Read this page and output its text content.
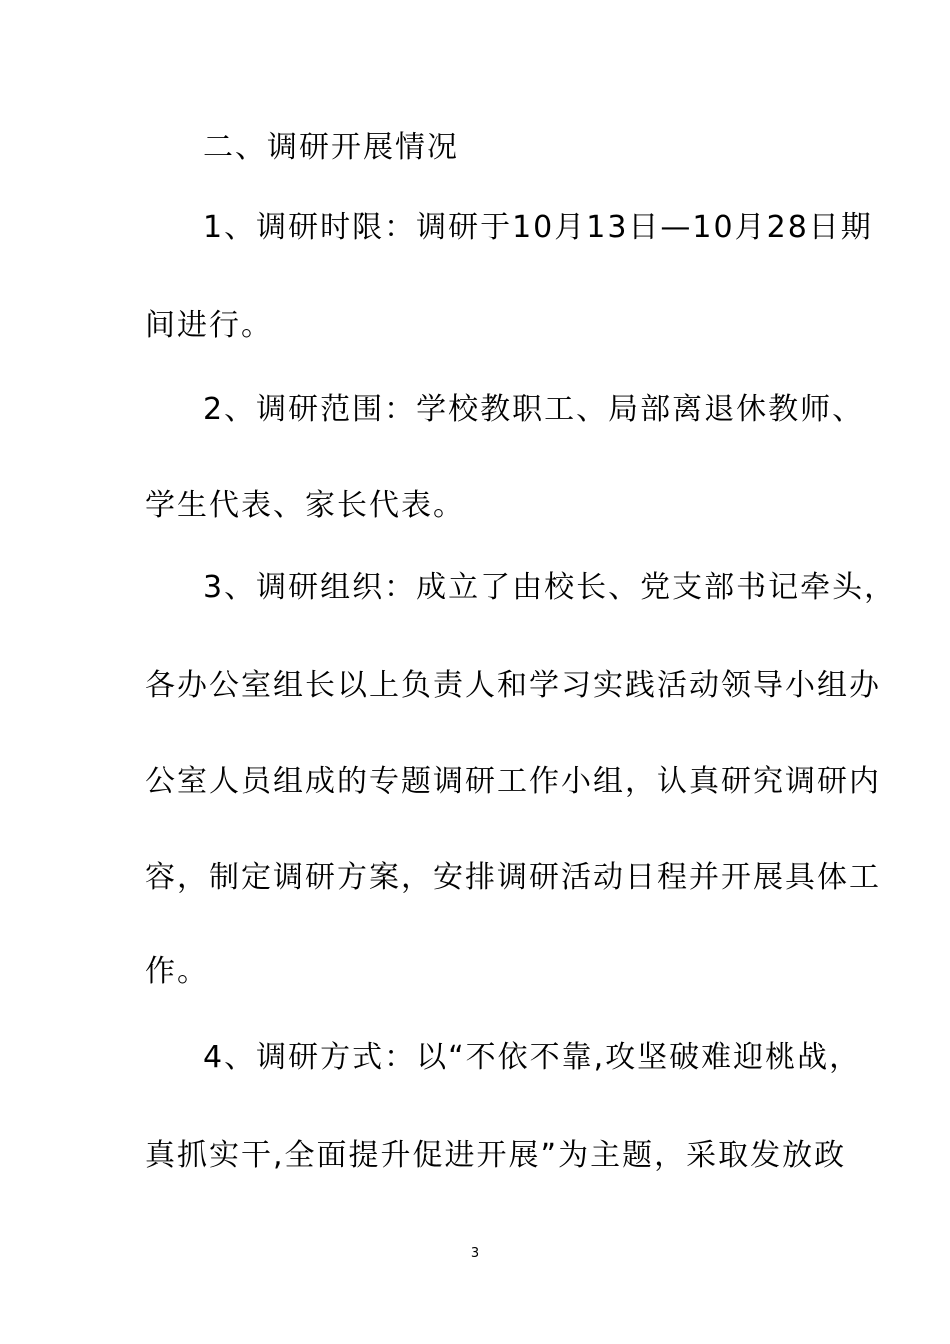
二、调研开展情况
1、调研时限：调研于10月13日—10月28日期
间进行。
2、调研范围：学校教职工、局部离退休教师、
学生代表、家长代表。
3、调研组织：成立了由校长、党支部书记牵头，
各办公室组长以上负责人和学习实践活动领导小组办
公室人员组成的专题调研工作小组，认真研究调研内
容，制定调研方案，安排调研活动日程并开展具体工
作。
4、调研方式：以“不依不靠,攻坚破难迎桃战，
真抓实干,全面提升促进开展”为主题，采取发放政
3
